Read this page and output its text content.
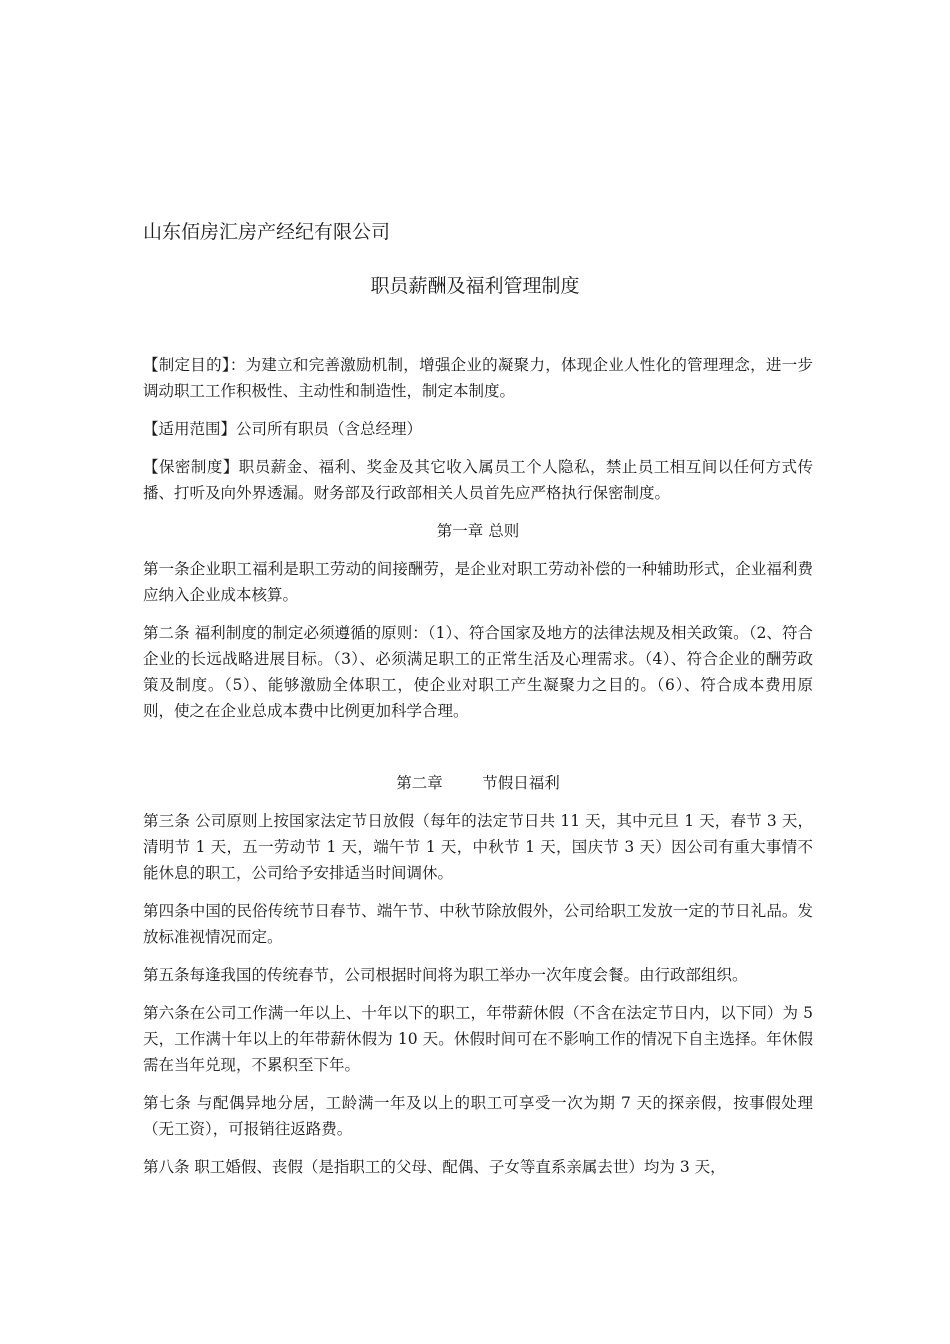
山东佰房汇房产经纪有限公司
职员薪酬及福利管理制度

【制定目的】：为建立和完善激励机制，增强企业的凝聚力，体现企业人性化的管理理念，进一步调动职工工作积极性、主动性和制造性，制定本制度。

【适用范围】公司所有职员（含总经理）

【保密制度】职员薪金、福利、奖金及其它收入属员工个人隐私，禁止员工相互间以任何方式传播、打听及向外界透漏。财务部及行政部相关人员首先应严格执行保密制度。

第一章 总则

第一条企业职工福利是职工劳动的间接酬劳，是企业对职工劳动补偿的一种辅助形式，企业福利费应纳入企业成本核算。

第二条 福利制度的制定必须遵循的原则：（1）、符合国家及地方的法律法规及相关政策。（2、符合企业的长远战略进展目标。（3）、必须满足职工的正常生活及心理需求。（4）、符合企业的酬劳政策及制度。（5）、能够激励全体职工，使企业对职工产生凝聚力之目的。（6）、符合成本费用原则，使之在企业总成本费中比例更加科学合理。

第二章        节假日福利

第三条 公司原则上按国家法定节日放假（每年的法定节日共 11 天，其中元旦 1 天，春节 3 天，清明节 1 天，五一劳动节 1 天，端午节 1 天，中秋节 1 天，国庆节 3 天）因公司有重大事情不能休息的职工，公司给予安排适当时间调休。

第四条中国的民俗传统节日春节、端午节、中秋节除放假外，公司给职工发放一定的节日礼品。发放标准视情况而定。

第五条每逢我国的传统春节，公司根据时间将为职工举办一次年度会餐。由行政部组织。

第六条在公司工作满一年以上、十年以下的职工，年带薪休假（不含在法定节日内，以下同）为 5 天，工作满十年以上的年带薪休假为 10 天。休假时间可在不影响工作的情况下自主选择。年休假需在当年兑现，不累积至下年。

第七条 与配偶异地分居，工龄满一年及以上的职工可享受一次为期 7 天的探亲假，按事假处理（无工资），可报销往返路费。

第八条 职工婚假、丧假（是指职工的父母、配偶、子女等直系亲属去世）均为 3 天，
